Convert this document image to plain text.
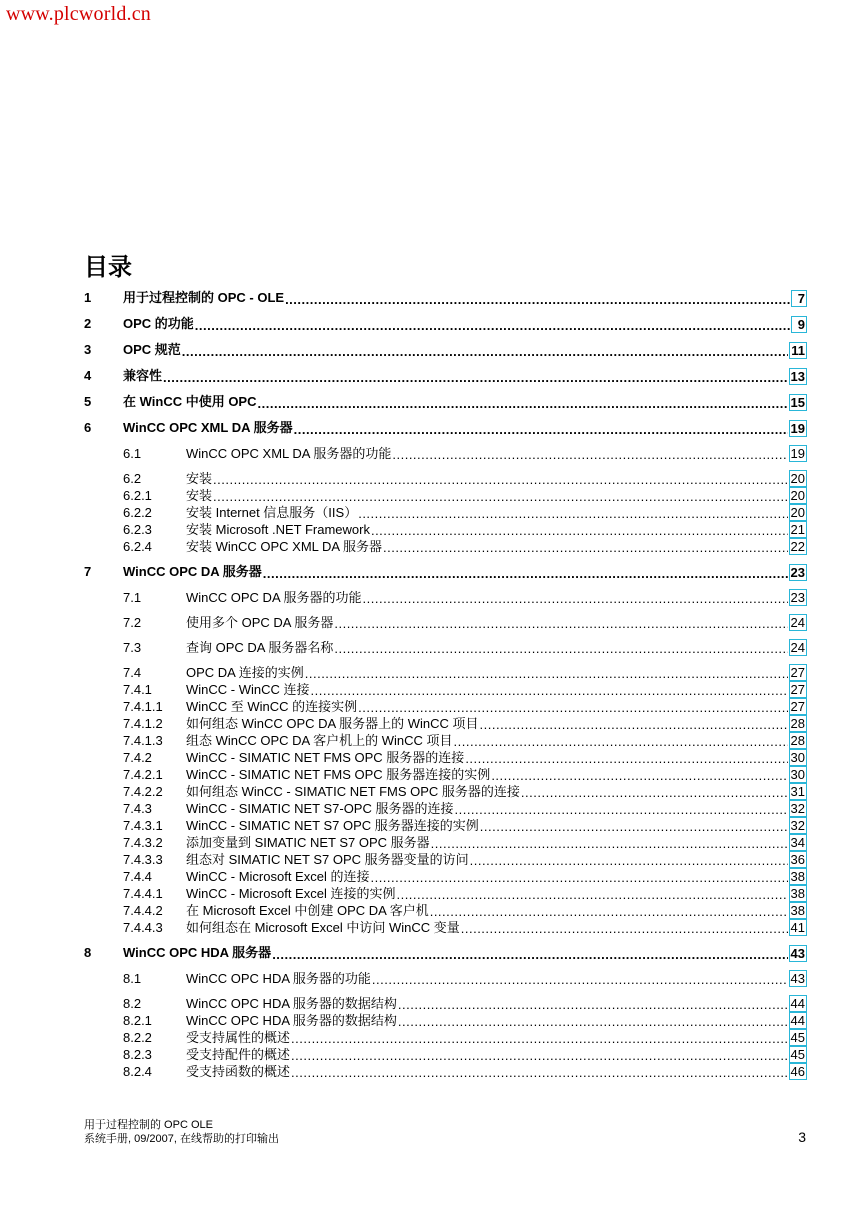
www.plcworld.cn
目录
1	用于过程控制的 OPC - OLE .....	7
2	OPC 的功能 .....	9
3	OPC 规范 .....	11
4	兼容性 .....	13
5	在 WinCC 中使用 OPC .....	15
6	WinCC OPC XML DA 服务器 .....	19
6.1	WinCC OPC XML DA 服务器的功能 .....	19
6.2	安装 .....	20
6.2.1	安装 .....	20
6.2.2	安装 Internet 信息服务（IIS） .....	20
6.2.3	安装 Microsoft .NET Framework .....	21
6.2.4	安装 WinCC OPC XML DA 服务器 .....	22
7	WinCC OPC DA 服务器 .....	23
7.1	WinCC OPC DA 服务器的功能 .....	23
7.2	使用多个 OPC DA 服务器 .....	24
7.3	查询 OPC DA 服务器名称 .....	24
7.4	OPC DA 连接的实例 .....	27
7.4.1	WinCC - WinCC 连接 .....	27
7.4.1.1	WinCC 至 WinCC 的连接实例 .....	27
7.4.1.2	如何组态 WinCC OPC DA 服务器上的 WinCC 项目 .....	28
7.4.1.3	组态 WinCC OPC DA 客户机上的 WinCC 项目 .....	28
7.4.2	WinCC - SIMATIC NET FMS OPC 服务器的连接 .....	30
7.4.2.1	WinCC - SIMATIC NET FMS OPC 服务器连接的实例 .....	30
7.4.2.2	如何组态 WinCC - SIMATIC NET FMS OPC 服务器的连接 .....	31
7.4.3	WinCC - SIMATIC NET S7-OPC 服务器的连接 .....	32
7.4.3.1	WinCC - SIMATIC NET S7 OPC 服务器连接的实例 .....	32
7.4.3.2	添加变量到 SIMATIC NET S7 OPC 服务器 .....	34
7.4.3.3	组态对 SIMATIC NET S7 OPC 服务器变量的访问 .....	36
7.4.4	WinCC - Microsoft Excel 的连接 .....	38
7.4.4.1	WinCC - Microsoft Excel 连接的实例 .....	38
7.4.4.2	在 Microsoft Excel 中创建 OPC DA 客户机 .....	38
7.4.4.3	如何组态在 Microsoft Excel 中访问 WinCC 变量 .....	41
8	WinCC OPC HDA 服务器 .....	43
8.1	WinCC OPC HDA 服务器的功能 .....	43
8.2	WinCC OPC HDA 服务器的数据结构 .....	44
8.2.1	WinCC OPC HDA 服务器的数据结构 .....	44
8.2.2	受支持属性的概述 .....	45
8.2.3	受支持配件的概述 .....	45
8.2.4	受支持函数的概述 .....	46
用于过程控制的 OPC OLE
系统手册, 09/2007, 在线帮助的打印输出	3
